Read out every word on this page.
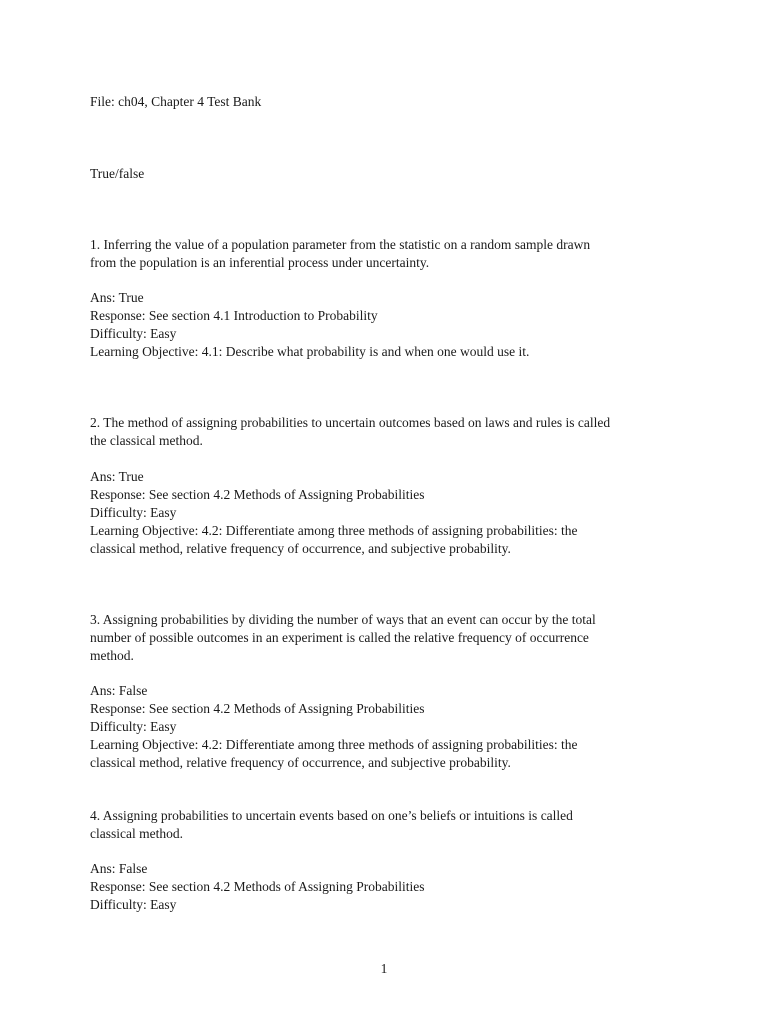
File: ch04, Chapter 4 Test Bank
True/false
1. Inferring the value of a population parameter from the statistic on a random sample drawn
from the population is an inferential process under uncertainty.
Ans: True
Response: See section 4.1 Introduction to Probability
Difficulty: Easy
Learning Objective: 4.1: Describe what probability is and when one would use it.
2. The method of assigning probabilities to uncertain outcomes based on laws and rules is called
the classical method.
Ans: True
Response: See section 4.2 Methods of Assigning Probabilities
Difficulty: Easy
Learning Objective: 4.2: Differentiate among three methods of assigning probabilities: the
classical method, relative frequency of occurrence, and subjective probability.
3. Assigning probabilities by dividing the number of ways that an event can occur by the total
number of possible outcomes in an experiment is called the relative frequency of occurrence
method.
Ans: False
Response: See section 4.2 Methods of Assigning Probabilities
Difficulty: Easy
Learning Objective: 4.2: Differentiate among three methods of assigning probabilities: the
classical method, relative frequency of occurrence, and subjective probability.
4. Assigning probabilities to uncertain events based on one’s beliefs or intuitions is called
classical method.
Ans: False
Response: See section 4.2 Methods of Assigning Probabilities
Difficulty: Easy
1
